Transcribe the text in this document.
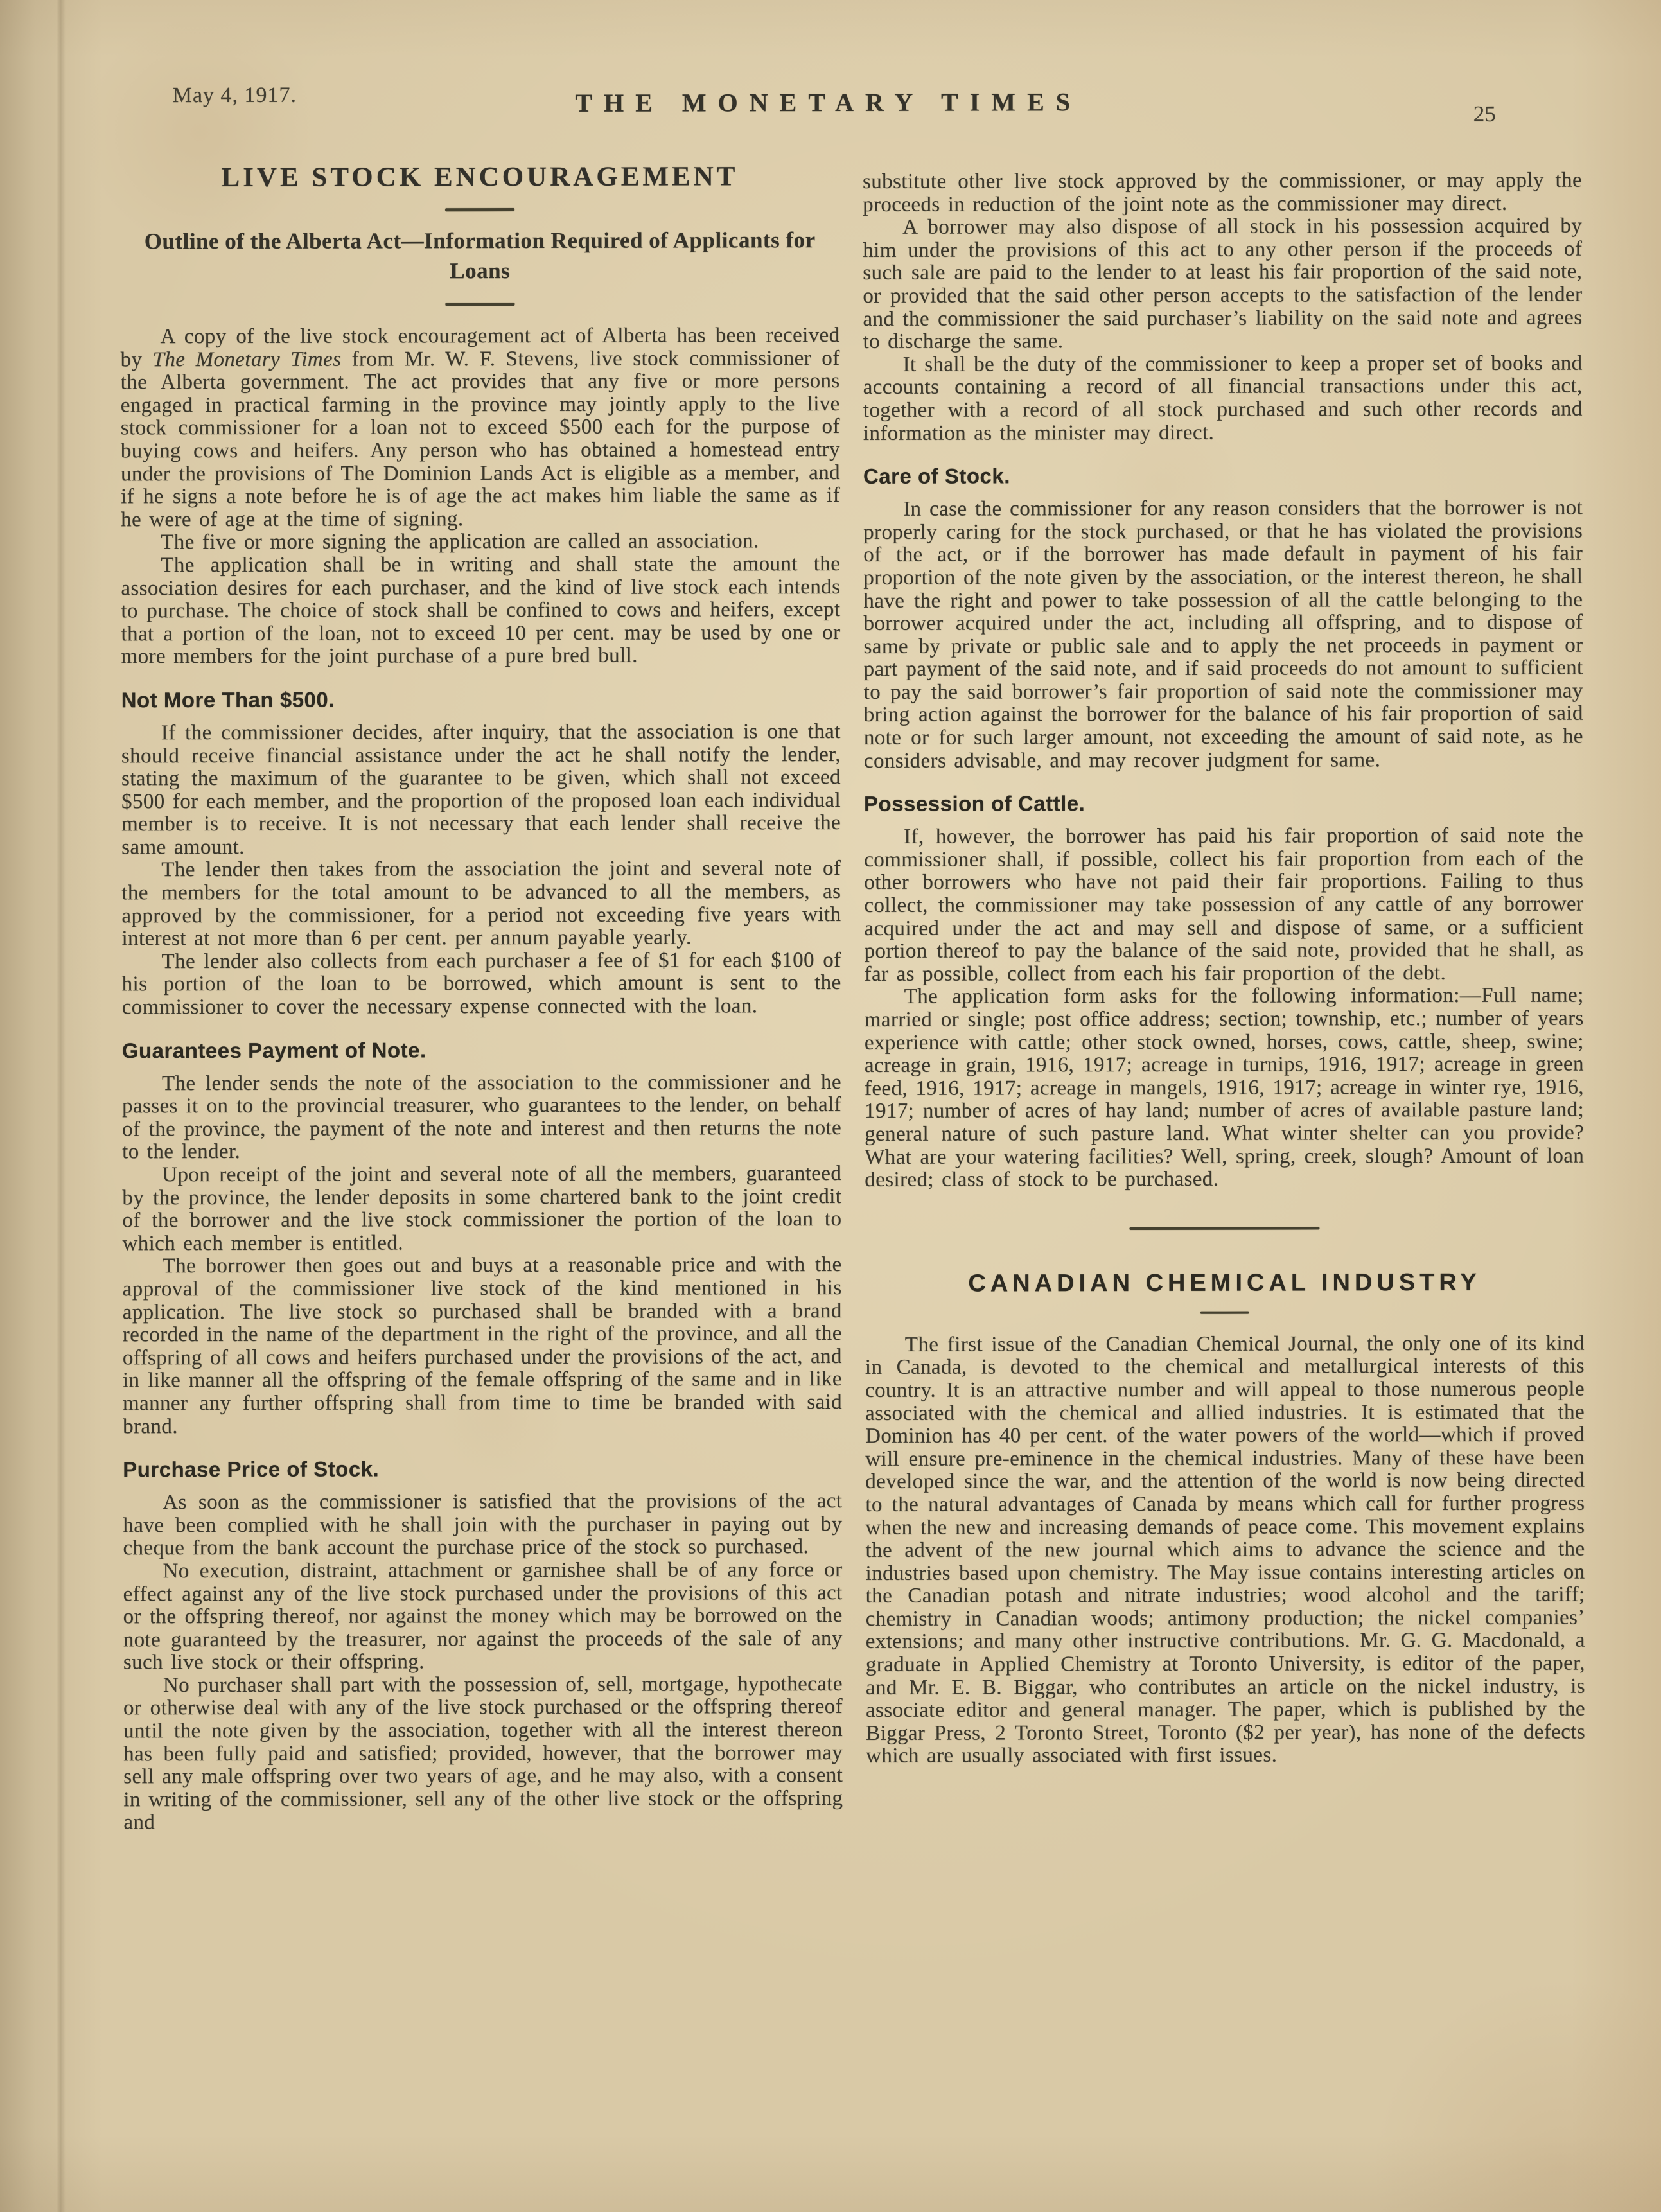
May 4, 1917.	THE MONETARY TIMES	25
LIVE STOCK ENCOURAGEMENT
Outline of the Alberta Act—Information Required of Applicants for Loans

A copy of the live stock encouragement act of Alberta has been received by The Monetary Times from Mr. W. F. Stevens, live stock commissioner of the Alberta government. The act provides that any five or more persons engaged in practical farming in the province may jointly apply to the live stock commissioner for a loan not to exceed $500 each for the purpose of buying cows and heifers. Any person who has obtained a homestead entry under the provisions of The Dominion Lands Act is eligible as a member, and if he signs a note before he is of age the act makes him liable the same as if he were of age at the time of signing.

The five or more signing the application are called an association.

The application shall be in writing and shall state the amount the association desires for each purchaser, and the kind of live stock each intends to purchase. The choice of stock shall be confined to cows and heifers, except that a portion of the loan, not to exceed 10 per cent. may be used by one or more members for the joint purchase of a pure bred bull.

Not More Than $500.

If the commissioner decides, after inquiry, that the association is one that should receive financial assistance under the act he shall notify the lender, stating the maximum of the guarantee to be given, which shall not exceed $500 for each member, and the proportion of the proposed loan each individual member is to receive. It is not necessary that each lender shall receive the same amount.

The lender then takes from the association the joint and several note of the members for the total amount to be advanced to all the members, as approved by the commissioner, for a period not exceeding five years with interest at not more than 6 per cent. per annum payable yearly.

The lender also collects from each purchaser a fee of $1 for each $100 of his portion of the loan to be borrowed, which amount is sent to the commissioner to cover the necessary expense connected with the loan.

Guarantees Payment of Note.

The lender sends the note of the association to the commissioner and he passes it on to the provincial treasurer, who guarantees to the lender, on behalf of the province, the payment of the note and interest and then returns the note to the lender.

Upon receipt of the joint and several note of all the members, guaranteed by the province, the lender deposits in some chartered bank to the joint credit of the borrower and the live stock commissioner the portion of the loan to which each member is entitled.

The borrower then goes out and buys at a reasonable price and with the approval of the commissioner live stock of the kind mentioned in his application. The live stock so purchased shall be branded with a brand recorded in the name of the department in the right of the province, and all the offspring of all cows and heifers purchased under the provisions of the act, and in like manner all the offspring of the female offspring of the same and in like manner any further offspring shall from time to time be branded with said brand.

Purchase Price of Stock.

As soon as the commissioner is satisfied that the provisions of the act have been complied with he shall join with the purchaser in paying out by cheque from the bank account the purchase price of the stock so purchased.

No execution, distraint, attachment or garnishee shall be of any force or effect against any of the live stock purchased under the provisions of this act or the offspring thereof, nor against the money which may be borrowed on the note guaranteed by the treasurer, nor against the proceeds of the sale of any such live stock or their offspring.

No purchaser shall part with the possession of, sell, mortgage, hypothecate or otherwise deal with any of the live stock purchased or the offspring thereof until the note given by the association, together with all the interest thereon has been fully paid and satisfied; provided, however, that the borrower may sell any male offspring over two years of age, and he may also, with a consent in writing of the commissioner, sell any of the other live stock or the offspring and

substitute other live stock approved by the commissioner, or may apply the proceeds in reduction of the joint note as the commissioner may direct.

A borrower may also dispose of all stock in his possession acquired by him under the provisions of this act to any other person if the proceeds of such sale are paid to the lender to at least his fair proportion of the said note, or provided that the said other person accepts to the satisfaction of the lender and the commissioner the said purchaser’s liability on the said note and agrees to discharge the same.

It shall be the duty of the commissioner to keep a proper set of books and accounts containing a record of all financial transactions under this act, together with a record of all stock purchased and such other records and information as the minister may direct.

Care of Stock.

In case the commissioner for any reason considers that the borrower is not properly caring for the stock purchased, or that he has violated the provisions of the act, or if the borrower has made default in payment of his fair proportion of the note given by the association, or the interest thereon, he shall have the right and power to take possession of all the cattle belonging to the borrower acquired under the act, including all offspring, and to dispose of same by private or public sale and to apply the net proceeds in payment or part payment of the said note, and if said proceeds do not amount to sufficient to pay the said borrower’s fair proportion of said note the commissioner may bring action against the borrower for the balance of his fair proportion of said note or for such larger amount, not exceeding the amount of said note, as he considers advisable, and may recover judgment for same.

Possession of Cattle.

If, however, the borrower has paid his fair proportion of said note the commissioner shall, if possible, collect his fair proportion from each of the other borrowers who have not paid their fair proportions. Failing to thus collect, the commissioner may take possession of any cattle of any borrower acquired under the act and may sell and dispose of same, or a sufficient portion thereof to pay the balance of the said note, provided that he shall, as far as possible, collect from each his fair proportion of the debt.

The application form asks for the following information:—Full name; married or single; post office address; section; township, etc.; number of years experience with cattle; other stock owned, horses, cows, cattle, sheep, swine; acreage in grain, 1916, 1917; acreage in turnips, 1916, 1917; acreage in green feed, 1916, 1917; acreage in mangels, 1916, 1917; acreage in winter rye, 1916, 1917; number of acres of hay land; number of acres of available pasture land; general nature of such pasture land. What winter shelter can you provide? What are your watering facilities? Well, spring, creek, slough? Amount of loan desired; class of stock to be purchased.

CANADIAN CHEMICAL INDUSTRY

The first issue of the Canadian Chemical Journal, the only one of its kind in Canada, is devoted to the chemical and metallurgical interests of this country. It is an attractive number and will appeal to those numerous people associated with the chemical and allied industries. It is estimated that the Dominion has 40 per cent. of the water powers of the world—which if proved will ensure pre-eminence in the chemical industries. Many of these have been developed since the war, and the attention of the world is now being directed to the natural advantages of Canada by means which call for further progress when the new and increasing demands of peace come. This movement explains the advent of the new journal which aims to advance the science and the industries based upon chemistry. The May issue contains interesting articles on the Canadian potash and nitrate industries; wood alcohol and the tariff; chemistry in Canadian woods; antimony production; the nickel companies’ extensions; and many other instructive contributions. Mr. G. G. Macdonald, a graduate in Applied Chemistry at Toronto University, is editor of the paper, and Mr. E. B. Biggar, who contributes an article on the nickel industry, is associate editor and general manager. The paper, which is published by the Biggar Press, 2 Toronto Street, Toronto ($2 per year), has none of the defects which are usually associated with first issues.
